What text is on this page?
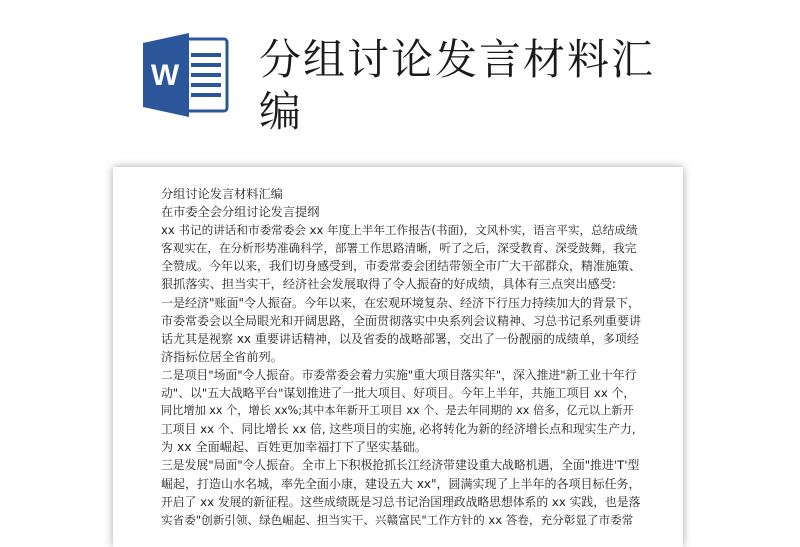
W 分组讨论发言材料汇
编

分组讨论发言材料汇编

在市委全会分组讨论发言提纲

xx 书记的讲话和市委常委会 xx 年度上半年工作报告(书面)，文风朴实，语言平实，总结成绩

客观实在，在分析形势准确科学，部署工作思路清晰，听了之后，深受教育、深受鼓舞，我完

全赞成。今年以来，我们切身感受到，市委常委会团结带领全市广大干部群众，精准施策、

狠抓落实、担当实干，经济社会发展取得了令人振奋的好成绩，具体有三点突出感受:

一是经济"账面"令人振奋。今年以来，在宏观环境复杂、经济下行压力持续加大的背景下，

市委常委会以全局眼光和开阔思路，全面贯彻落实中央系列会议精神、习总书记系列重要讲

话尤其是视察 xx 重要讲话精神，以及省委的战略部署，交出了一份靓丽的成绩单，多项经

济指标位居全省前列。

二是项目"场面"令人振奋。市委常委会着力实施"重大项目落实年"，深入推进"新工业十年行

动"、以"五大战略平台"谋划推进了一批大项目、好项目。今年上半年，共施工项目 xx 个，

同比增加 xx 个，增长 xx%;其中本年新开工项目 xx 个、是去年同期的 xx 倍多，亿元以上新开

工项目 xx 个、同比增长 xx 倍, 这些项目的实施, 必将转化为新的经济增长点和现实生产力,

为 xx 全面崛起、百姓更加幸福打下了坚实基础。

三是发展"局面"令人振奋。全市上下积极抢抓长江经济带建设重大战略机遇，全面"推进'T'型

崛起，打造山水名城，率先全面小康，建设五大 xx"，圆满实现了上半年的各项目标任务，

开启了 xx 发展的新征程。这些成绩既是习总书记治国理政战略思想体系的 xx 实践，也是落

实省委"创新引领、绿色崛起、担当实干、兴赣富民"工作方针的 xx 答卷，充分彰显了市委常
